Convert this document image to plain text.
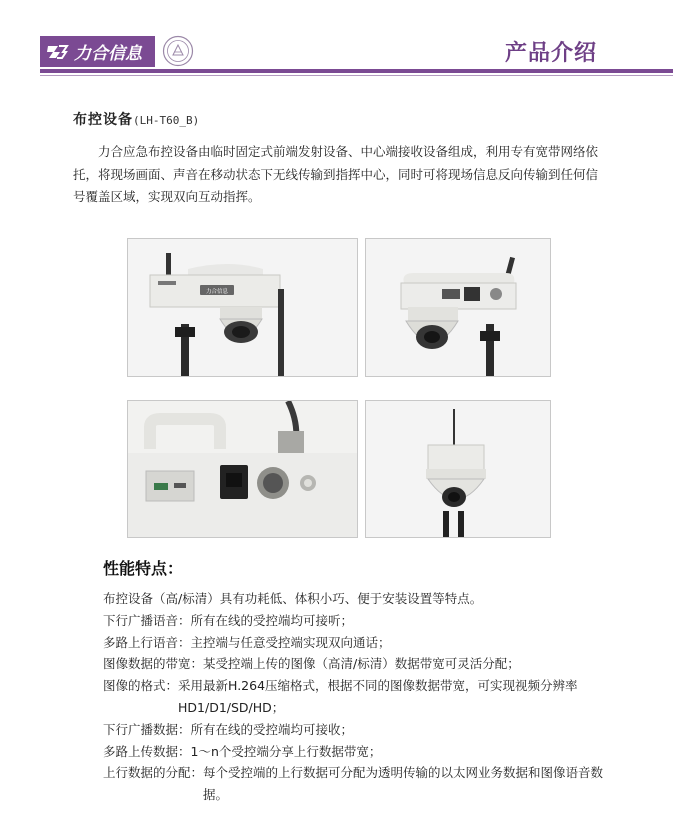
力合信息	产品介绍
布控设备(LH-T60_B)
力合应急布控设备由临时固定式前端发射设备、中心端接收设备组成，利用专有宽带网络依托，将现场画面、声音在移动状态下无线传输到指挥中心，同时可将现场信息反向传输到任何信号覆盖区域，实现双向互动指挥。
力合信息
性能特点：
布控设备（高/标清）具有功耗低、体积小巧、便于安装设置等特点。
下行广播语音： 所有在线的受控端均可接听；
多路上行语音： 主控端与任意受控端实现双向通话；
图像数据的带宽： 某受控端上传的图像（高清/标清）数据带宽可灵活分配；
图像的格式： 采用最新H.264压缩格式，根据不同的图像数据带宽，可实现视频分辨率HD1/D1/SD/HD；
下行广播数据： 所有在线的受控端均可接收；
多路上传数据： 1～n个受控端分享上行数据带宽；
上行数据的分配： 每个受控端的上行数据可分配为透明传输的以太网业务数据和图像语音数据。
